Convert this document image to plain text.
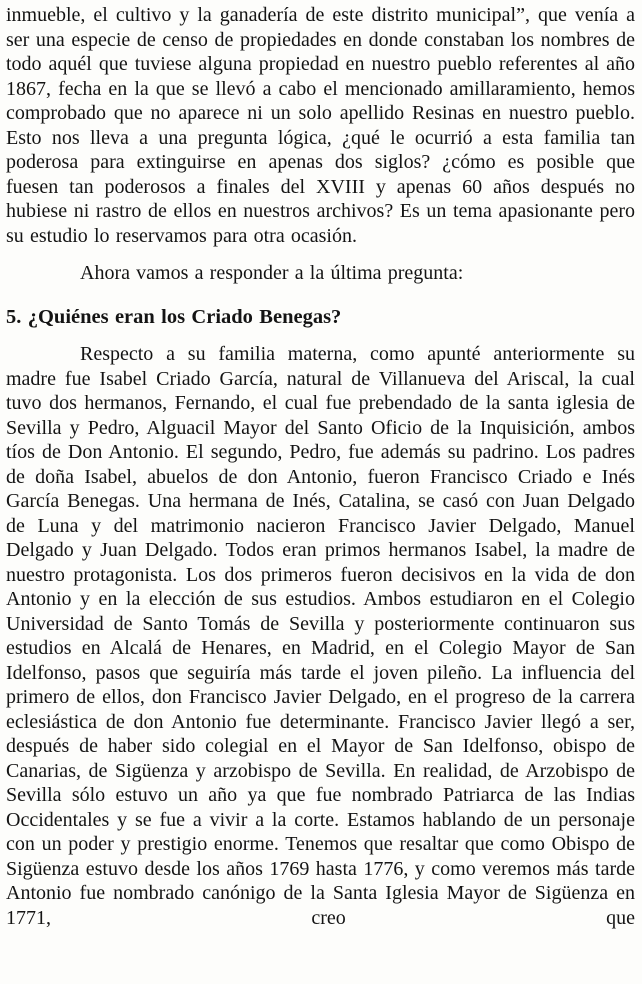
inmueble, el cultivo y la ganadería de este distrito municipal”, que venía a ser una especie de censo de propiedades en donde constaban los nombres de todo aquél que tuviese alguna propiedad en nuestro pueblo referentes al año 1867, fecha en la que se llevó a cabo el mencionado amillaramiento, hemos comprobado que no aparece ni un solo apellido Resinas en nuestro pueblo. Esto nos lleva a una pregunta lógica, ¿qué le ocurrió a esta familia tan poderosa para extinguirse en apenas dos siglos? ¿cómo es posible que fuesen tan poderosos a finales del XVIII y apenas 60 años después no hubiese ni rastro de ellos en nuestros archivos? Es un tema apasionante pero su estudio lo reservamos para otra ocasión.

Ahora vamos a responder a la última pregunta:

5. ¿Quiénes eran los Criado Benegas?

Respecto a su familia materna, como apunté anteriormente su madre fue Isabel Criado García, natural de Villanueva del Ariscal, la cual tuvo dos hermanos, Fernando, el cual fue prebendado de la santa iglesia de Sevilla y Pedro, Alguacil Mayor del Santo Oficio de la Inquisición, ambos tíos de Don Antonio. El segundo, Pedro, fue además su padrino. Los padres de doña Isabel, abuelos de don Antonio, fueron Francisco Criado e Inés García Benegas. Una hermana de Inés, Catalina, se casó con Juan Delgado de Luna y del matrimonio nacieron Francisco Javier Delgado, Manuel Delgado y Juan Delgado. Todos eran primos hermanos Isabel, la madre de nuestro protagonista. Los dos primeros fueron decisivos en la vida de don Antonio y en la elección de sus estudios. Ambos estudiaron en el Colegio Universidad de Santo Tomás de Sevilla y posteriormente continuaron sus estudios en Alcalá de Henares, en Madrid, en el Colegio Mayor de San Idelfonso, pasos que seguiría más tarde el joven pileño. La influencia del primero de ellos, don Francisco Javier Delgado, en el progreso de la carrera eclesiástica de don Antonio fue determinante. Francisco Javier llegó a ser, después de haber sido colegial en el Mayor de San Idelfonso, obispo de Canarias, de Sigüenza y arzobispo de Sevilla. En realidad, de Arzobispo de Sevilla sólo estuvo un año ya que fue nombrado Patriarca de las Indias Occidentales y se fue a vivir a la corte. Estamos hablando de un personaje con un poder y prestigio enorme. Tenemos que resaltar que como Obispo de Sigüenza estuvo desde los años 1769 hasta 1776, y como veremos más tarde Antonio fue nombrado canónigo de la Santa Iglesia Mayor de Sigüenza en 1771, creo que
